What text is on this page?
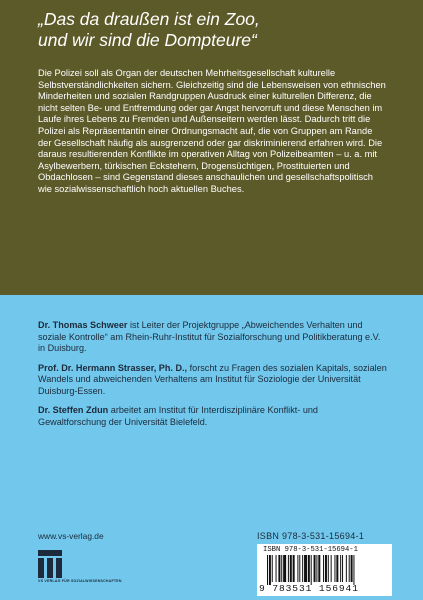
„Das da draußen ist ein Zoo,
und wir sind die Dompteure“
Die Polizei soll als Organ der deutschen Mehrheitsgesellschaft kulturelle Selbstverständlichkeiten sichern. Gleichzeitig sind die Lebensweisen von ethnischen Minderheiten und sozialen Randgruppen Ausdruck einer kulturellen Differenz, die nicht selten Be- und Entfremdung oder gar Angst hervorruft und diese Menschen im Laufe ihres Lebens zu Fremden und Außenseitern werden lässt. Dadurch tritt die Polizei als Repräsentantin einer Ordnungsmacht auf, die von Gruppen am Rande der Gesellschaft häufig als ausgrenzend oder gar diskriminierend erfahren wird. Die daraus resultierenden Konflikte im operativen Alltag von Polizeibeamten – u. a. mit Asylbewerbern, türkischen Eckstehern, Drogensüchtigen, Prostituierten und Obdachlosen – sind Gegenstand dieses anschaulichen und gesellschaftspolitisch wie sozialwissenschaftlich hoch aktuellen Buches.

Dr. Thomas Schweer ist Leiter der Projektgruppe „Abweichendes Verhalten und soziale Kontrolle“ am Rhein-Ruhr-Institut für Sozialforschung und Politikberatung e.V. in Duisburg.

Prof. Dr. Hermann Strasser, Ph. D., forscht zu Fragen des sozialen Kapitals, sozialen Wandels und abweichenden Verhaltens am Institut für Soziologie der Universität Duisburg-Essen.

Dr. Steffen Zdun arbeitet am Institut für Interdisziplinäre Konflikt- und Gewaltforschung der Universität Bielefeld.

www.vs-verlag.de
VS VERLAG FÜR SOZIALWISSENSCHAFTEN
ISBN 978-3-531-15694-1
ISBN 978-3-531-15694-1
9 783531 156941
